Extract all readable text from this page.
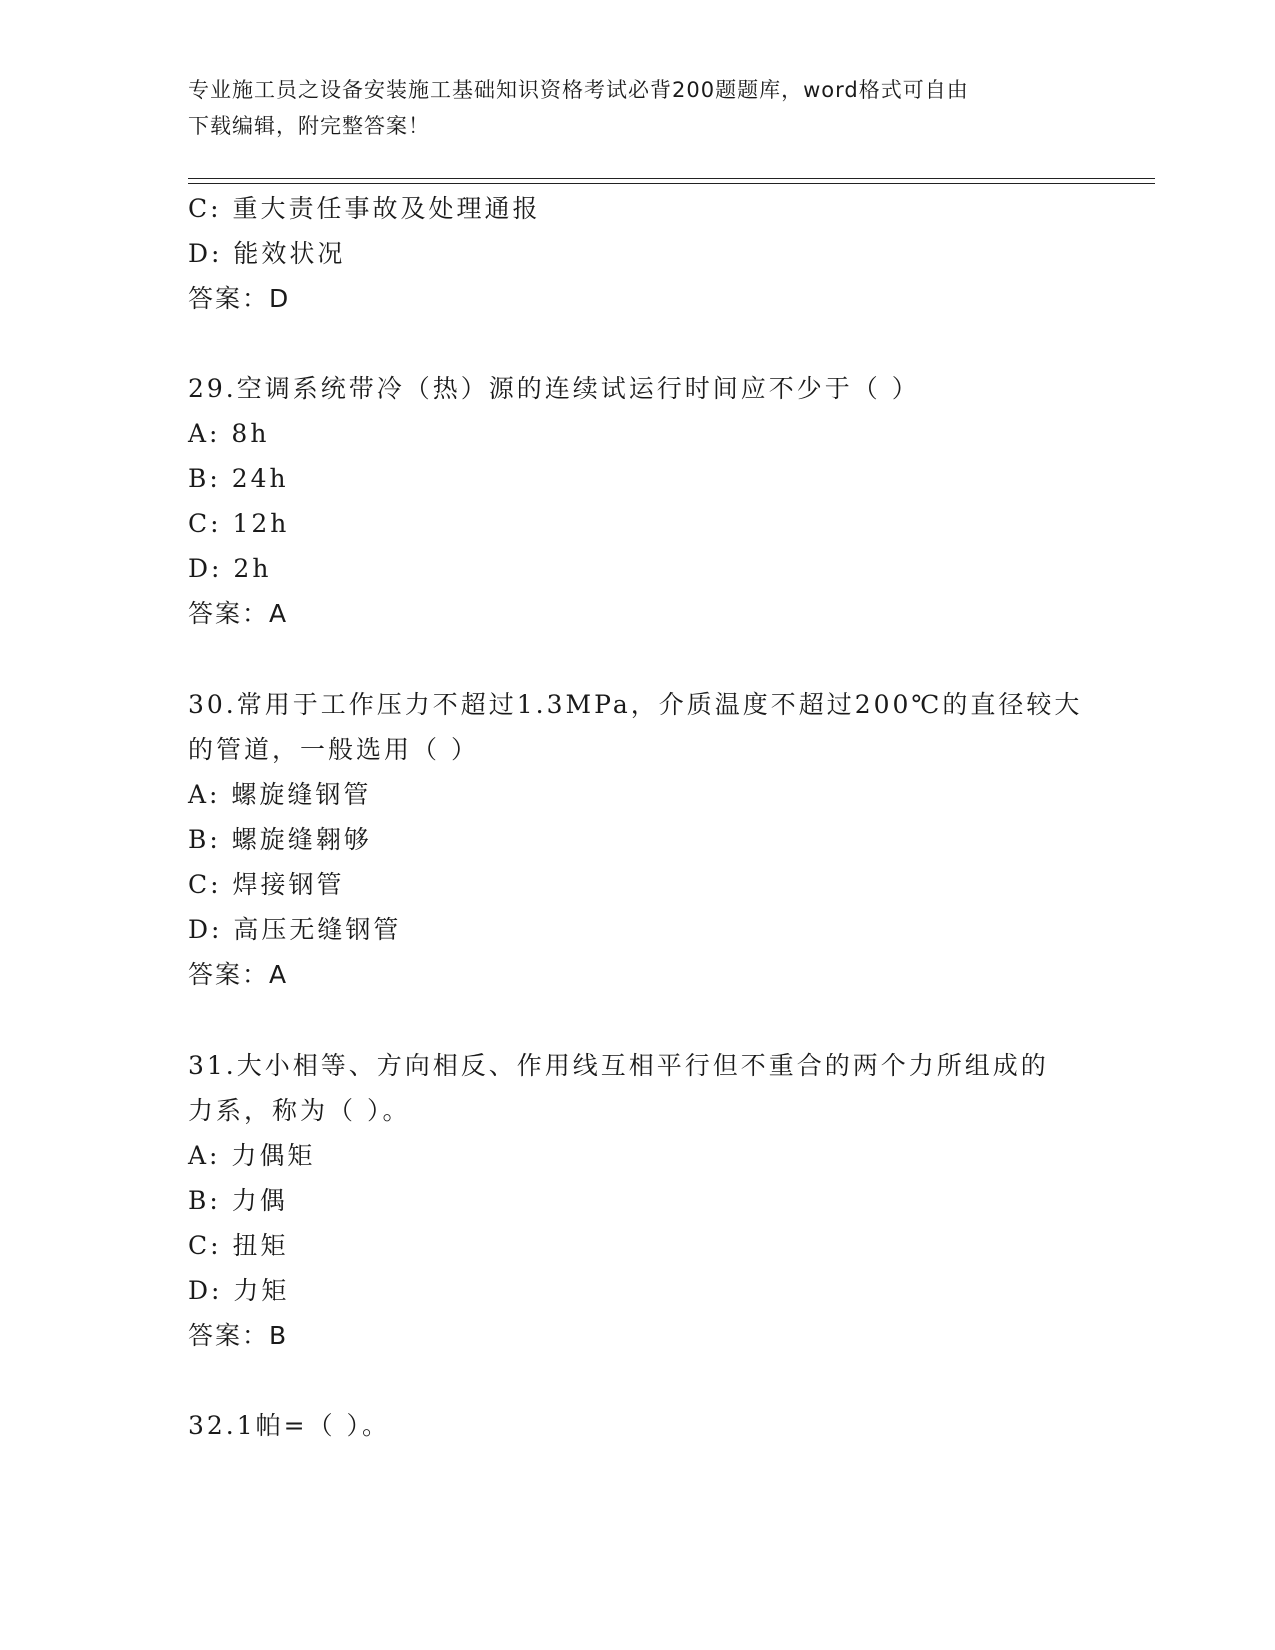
专业施工员之设备安装施工基础知识资格考试必背200题题库，word格式可自由
下载编辑，附完整答案！
C: 重大责任事故及处理通报
D: 能效状况
答案：D
29.空调系统带冷（热）源的连续试运行时间应不少于（ ）
A: 8h
B: 24h
C: 12h
D: 2h
答案：A
30.常用于工作压力不超过1.3MPa，介质温度不超过200℃的直径较大
的管道，一般选用（ ）
A: 螺旋缝钢管
B: 螺旋缝翱够
C: 焊接钢管
D: 高压无缝钢管
答案：A
31.大小相等、方向相反、作用线互相平行但不重合的两个力所组成的
力系，称为（ ）。
A: 力偶矩
B: 力偶
C: 扭矩
D: 力矩
答案：B
32.1帕=（ ）。
